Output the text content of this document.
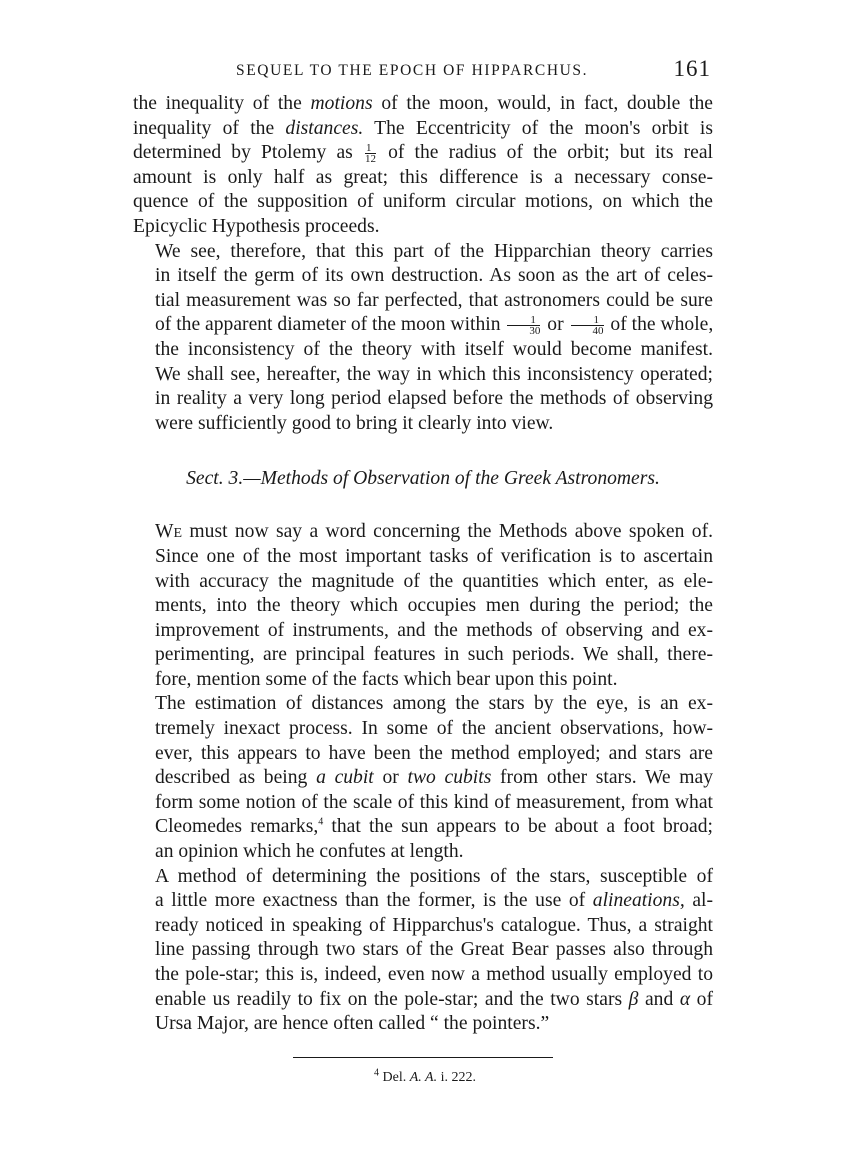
SEQUEL TO THE EPOCH OF HIPPARCHUS.	161

the inequality of the motions of the moon, would, in fact, double the
inequality of the distances. The Eccentricity of the moon's orbit is
determined by Ptolemy as $\frac{1}{12}$ of the radius of the orbit; but its real
amount is only half as great; this difference is a necessary conse-
quence of the supposition of uniform circular motions, on which the
Epicyclic Hypothesis proceeds.

We see, therefore, that this part of the Hipparchian theory carries
in itself the germ of its own destruction. As soon as the art of celes-
tial measurement was so far perfected, that astronomers could be sure
of the apparent diameter of the moon within $\frac{1}{30}$ or $\frac{1}{40}$ of the whole,
the inconsistency of the theory with itself would become manifest.
We shall see, hereafter, the way in which this inconsistency operated;
in reality a very long period elapsed before the methods of observing
were sufficiently good to bring it clearly into view.

Sect. 3.—Methods of Observation of the Greek Astronomers.

We must now say a word concerning the Methods above spoken of.
Since one of the most important tasks of verification is to ascertain
with accuracy the magnitude of the quantities which enter, as ele-
ments, into the theory which occupies men during the period; the
improvement of instruments, and the methods of observing and ex-
perimenting, are principal features in such periods. We shall, there-
fore, mention some of the facts which bear upon this point.

The estimation of distances among the stars by the eye, is an ex-
tremely inexact process. In some of the ancient observations, how-
ever, this appears to have been the method employed; and stars are
described as being a cubit or two cubits from other stars. We may
form some notion of the scale of this kind of measurement, from what
Cleomedes remarks,$^4$ that the sun appears to be about a foot broad;
an opinion which he confutes at length.

A method of determining the positions of the stars, susceptible of
a little more exactness than the former, is the use of alineations, al-
ready noticed in speaking of Hipparchus's catalogue. Thus, a straight
line passing through two stars of the Great Bear passes also through
the pole-star; this is, indeed, even now a method usually employed to
enable us readily to fix on the pole-star; and the two stars β and α of
Ursa Major, are hence often called “ the pointers.”

$^4$ Del. A. A. i. 222.
